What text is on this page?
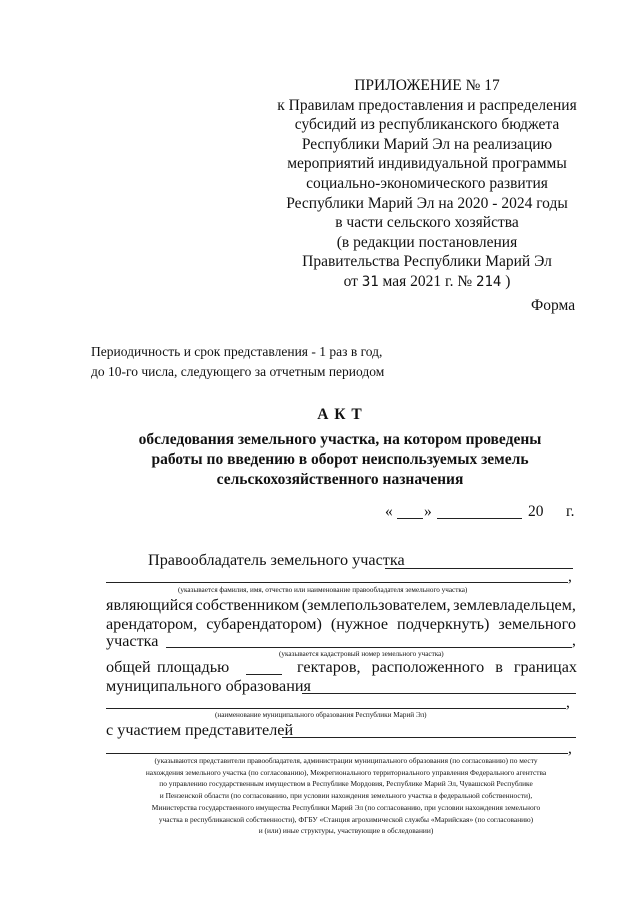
ПРИЛОЖЕНИЕ № 17
к Правилам предоставления и распределения
субсидий из республиканского бюджета
Республики Марий Эл на реализацию
мероприятий индивидуальной программы
социально-экономического развития
Республики Марий Эл на 2020 - 2024 годы
в части сельского хозяйства
(в редакции постановления
Правительства Республики Марий Эл
от 31 мая 2021 г. № 214 )
Форма
Периодичность и срок представления - 1 раз в год,
до 10-го числа, следующего за отчетным периодом
А К Т
обследования земельного участка, на котором проведены
работы по введению в оборот неиспользуемых земель
сельскохозяйственного назначения
« »	20 г.
Правообладатель земельного участка
,
(указывается фамилия, имя, отчество или наименование правообладателя земельного участка)
являющийся собственником (землепользователем, землевладельцем,
арендатором, субарендатором) (нужное подчеркнуть) земельного
участка	,
(указывается кадастровый номер земельного участка)
общей площадью	гектаров, расположенного в границах
муниципального образования
,
(наименование муниципального образования Республики Марий Эл)
с участием представителей
,
(указываются представители правообладателя, администрации муниципального образования (по согласованию) по месту
нахождения земельного участка (по согласованию), Межрегионального территориального управления Федерального агентства
по управлению государственным имуществом в Республике Мордовия, Республике Марий Эл, Чувашской Республике
и Пензенской области (по согласованию, при условии нахождения земельного участка в федеральной собственности),
Министерства государственного имущества Республики Марий Эл (по согласованию, при условии нахождения земельного
участка в республиканской собственности), ФГБУ «Станция агрохимической службы «Марийская» (по согласованию)
и (или) иные структуры, участвующие в обследовании)
